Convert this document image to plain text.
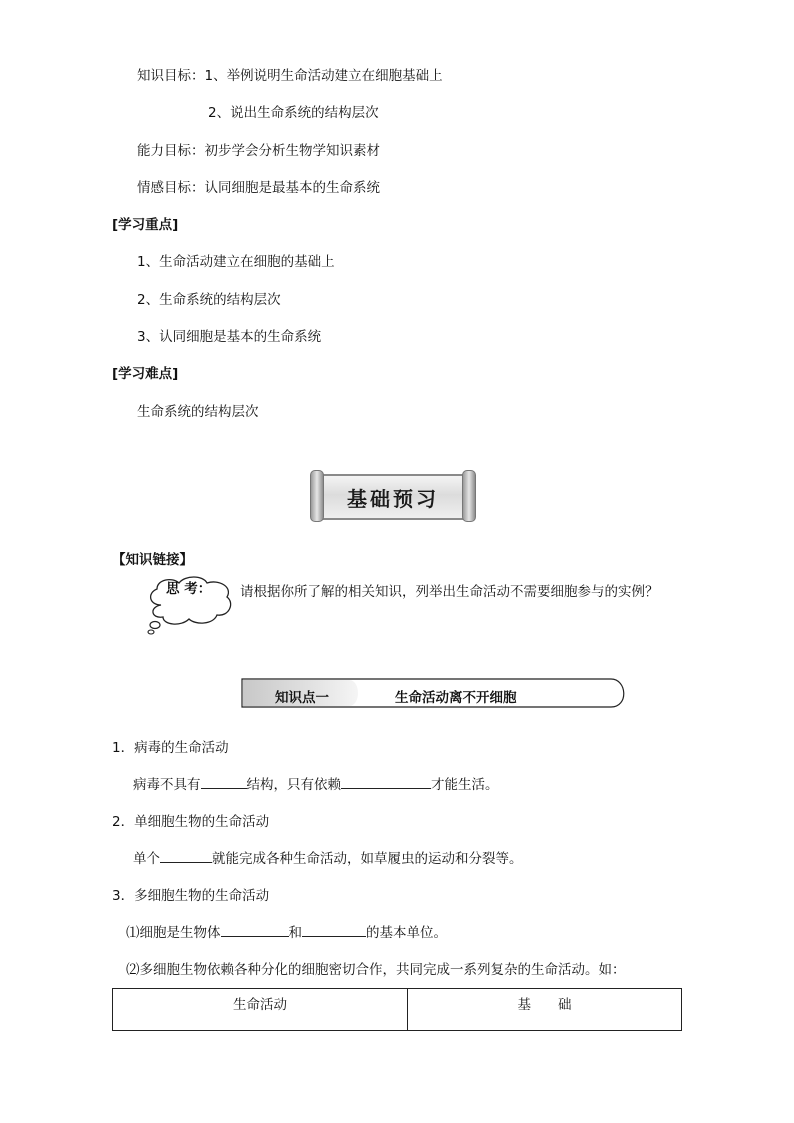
知识目标：1、举例说明生命活动建立在细胞基础上
2、说出生命系统的结构层次
能力目标：初步学会分析生物学知识素材
情感目标：认同细胞是最基本的生命系统
[学习重点]
1、生命活动建立在细胞的基础上
2、生命系统的结构层次
3、认同细胞是基本的生命系统
[学习难点]
生命系统的结构层次
基础预习
【知识链接】
思 考： 请根据你所了解的相关知识，列举出生命活动不需要细胞参与的实例？
知识点一	生命活动离不开细胞
1．病毒的生命活动
病毒不具有	结构，只有依赖	才能生活。
2．单细胞生物的生命活动
单个	就能完成各种生命活动，如草履虫的运动和分裂等。
3．多细胞生物的生命活动
⑴细胞是生物体	和	的基本单位。
⑵多细胞生物依赖各种分化的细胞密切合作，共同完成一系列复杂的生命活动。如：
生命活动	基　　础
